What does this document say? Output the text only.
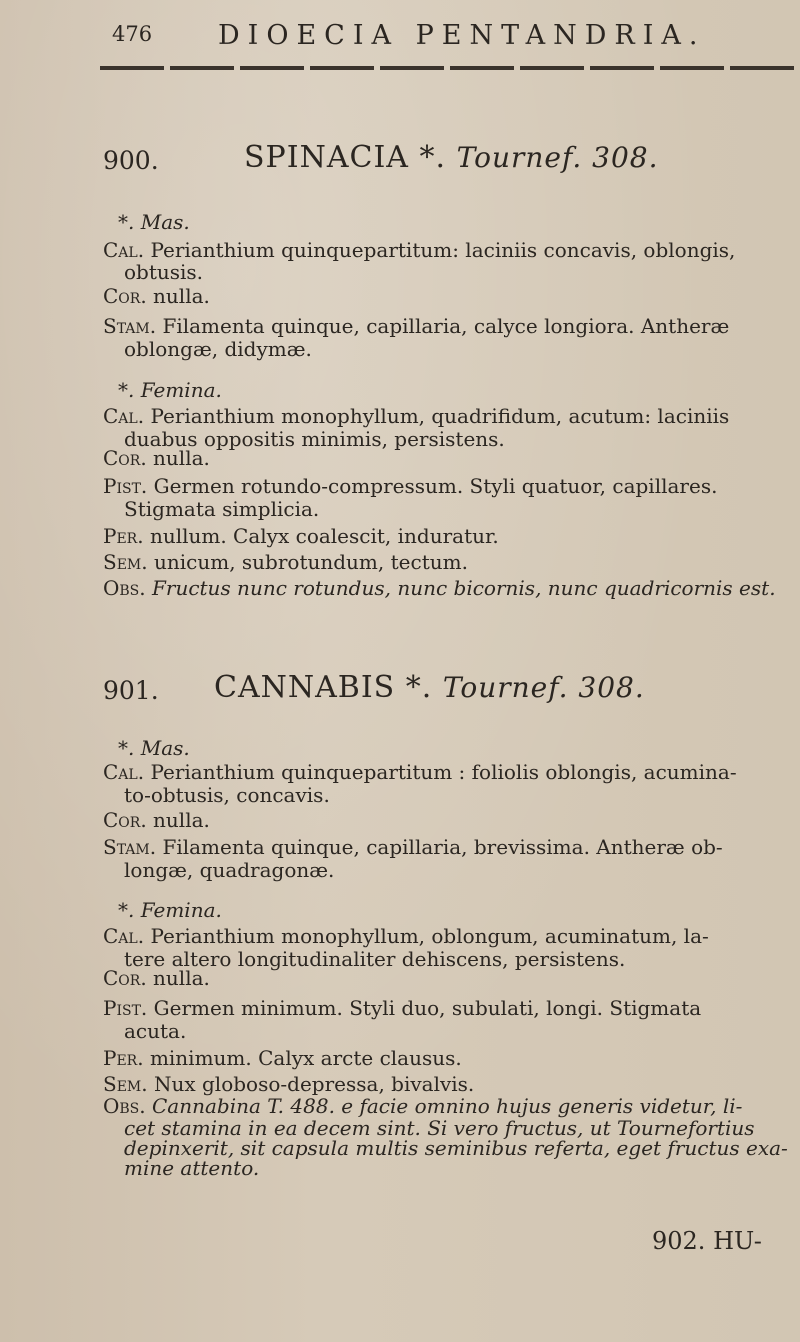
476 DIOECIA PENTANDRIA.
900.	SPINACIA *. Tournef. 308.
*. Mas.
Cal. Perianthium quinquepartitum: laciniis concavis, oblongis,
obtusis.
Cor. nulla.
Stam. Filamenta quinque, capillaria, calyce longiora. Antheræ
oblongæ, didymæ.
*. Femina.
Cal. Perianthium monophyllum, quadrifidum, acutum: laciniis
duabus oppositis minimis, persistens.
Cor. nulla.
Pist. Germen rotundo-compressum. Styli quatuor, capillares.
Stigmata simplicia.
Per. nullum. Calyx coalescit, induratur.
Sem. unicum, subrotundum, tectum.
Obs. Fructus nunc rotundus, nunc bicornis, nunc quadricornis est.
901. CANNABIS *. Tournef. 308.
*. Mas.
Cal. Perianthium quinquepartitum : foliolis oblongis, acumina-
to-obtusis, concavis.
Cor. nulla.
Stam. Filamenta quinque, capillaria, brevissima. Antheræ ob-
longæ, quadragonæ.
*. Femina.
Cal. Perianthium monophyllum, oblongum, acuminatum, la-
tere altero longitudinaliter dehiscens, persistens.
Cor. nulla.
Pist. Germen minimum. Styli duo, subulati, longi. Stigmata
acuta.
Per. minimum. Calyx arcte clausus.
Sem. Nux globoso-depressa, bivalvis.
Obs. Cannabina T. 488. e facie omnino hujus generis videtur, li-
cet stamina in ea decem sint. Si vero fructus, ut Tournefortius
depinxerit, sit capsula multis seminibus referta, eget fructus exa-
mine attento.
902. HU-
